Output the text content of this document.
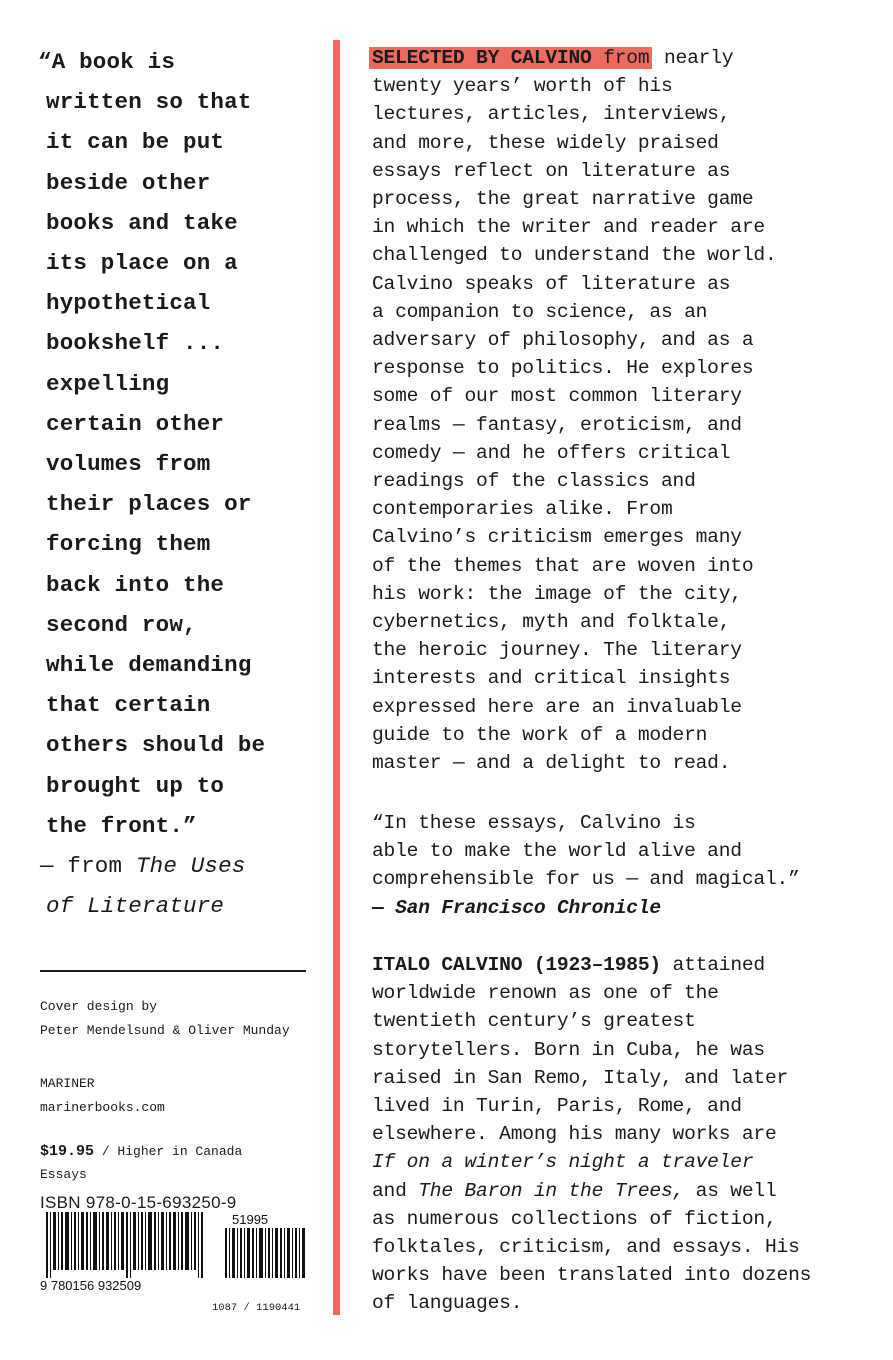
“A book is
written so that
it can be put
beside other
books and take
its place on a
hypothetical
bookshelf ...
expelling
certain other
volumes from
their places or
forcing them
back into the
second row,
while demanding
that certain
others should be
brought up to
the front.”
— from The Uses
of Literature
Cover design by
Peter Mendelsund & Oliver Munday
MARINER
marinerbooks.com
$19.95 / Higher in Canada
Essays
ISBN 978-0-15-693250-9
9 780156 932509
51995
1087 / 1190441
SELECTED BY CALVINO from nearly
twenty years’ worth of his
lectures, articles, interviews,
and more, these widely praised
essays reflect on literature as
process, the great narrative game
in which the writer and reader are
challenged to understand the world.
Calvino speaks of literature as
a companion to science, as an
adversary of philosophy, and as a
response to politics. He explores
some of our most common literary
realms — fantasy, eroticism, and
comedy — and he offers critical
readings of the classics and
contemporaries alike. From
Calvino’s criticism emerges many
of the themes that are woven into
his work: the image of the city,
cybernetics, myth and folktale,
the heroic journey. The literary
interests and critical insights
expressed here are an invaluable
guide to the work of a modern
master — and a delight to read.
“In these essays, Calvino is
able to make the world alive and
comprehensible for us — and magical.”
— San Francisco Chronicle
ITALO CALVINO (1923–1985) attained
worldwide renown as one of the
twentieth century’s greatest
storytellers. Born in Cuba, he was
raised in San Remo, Italy, and later
lived in Turin, Paris, Rome, and
elsewhere. Among his many works are
If on a winter’s night a traveler
and The Baron in the Trees, as well
as numerous collections of fiction,
folktales, criticism, and essays. His
works have been translated into dozens
of languages.
